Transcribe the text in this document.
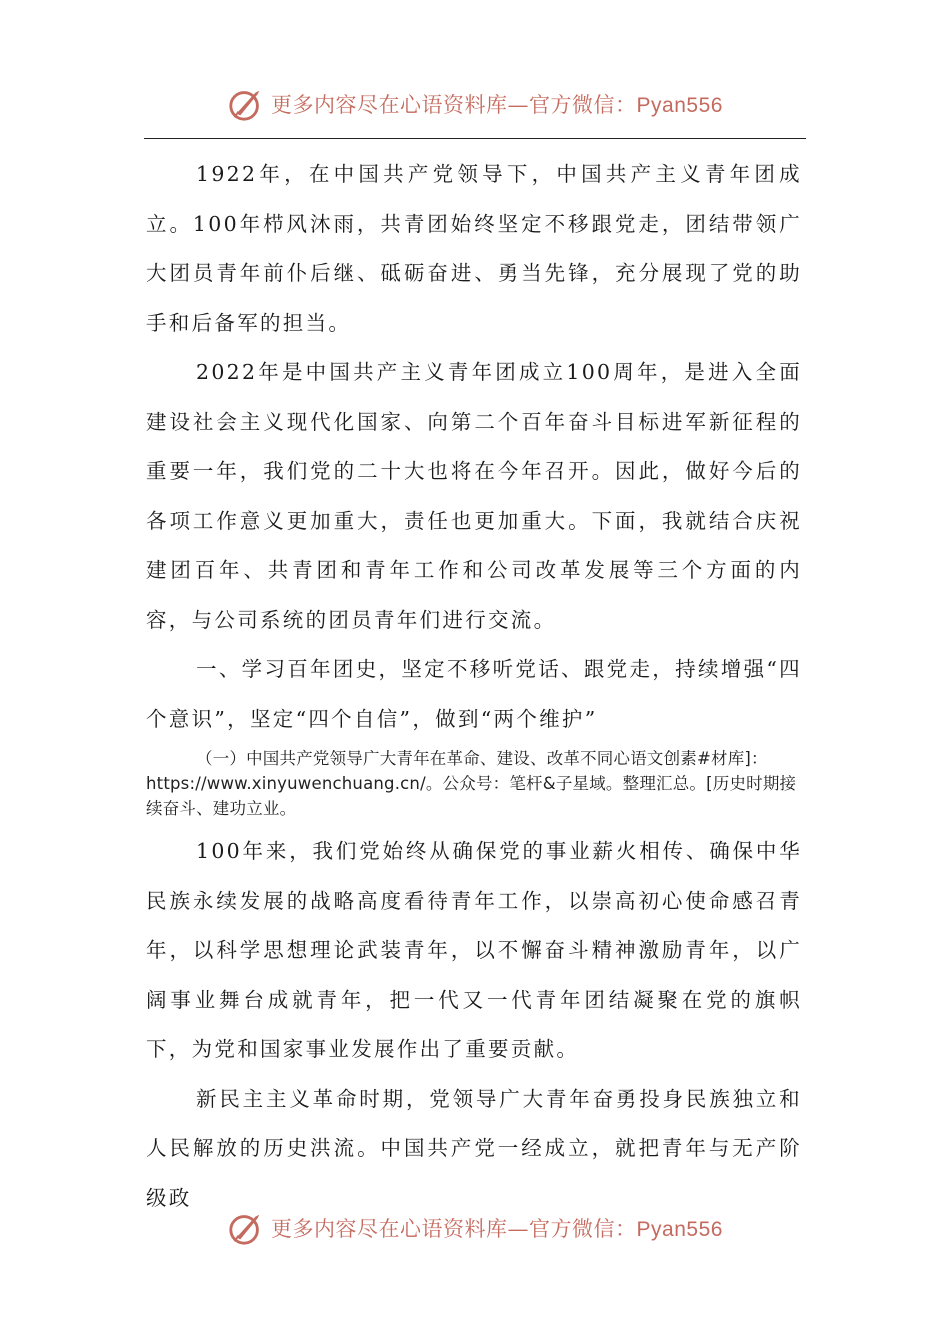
更多内容尽在心语资料库—官方微信：Pyan556

1922年，在中国共产党领导下，中国共产主义青年团成立。100年栉风沐雨，共青团始终坚定不移跟党走，团结带领广大团员青年前仆后继、砥砺奋进、勇当先锋，充分展现了党的助手和后备军的担当。

2022年是中国共产主义青年团成立100周年，是进入全面建设社会主义现代化国家、向第二个百年奋斗目标进军新征程的重要一年，我们党的二十大也将在今年召开。因此，做好今后的各项工作意义更加重大，责任也更加重大。下面，我就结合庆祝建团百年、共青团和青年工作和公司改革发展等三个方面的内容，与公司系统的团员青年们进行交流。

一、学习百年团史，坚定不移听党话、跟党走，持续增强“四个意识”，坚定“四个自信”，做到“两个维护”

（一）中国共产党领导广大青年在革命、建设、改革不同心语文创素#材库]：https://www.xinyuwenchuang.cn/。公众号：笔杆&子星域。整理汇总。[历史时期接续奋斗、建功立业。

100年来，我们党始终从确保党的事业薪火相传、确保中华民族永续发展的战略高度看待青年工作，以崇高初心使命感召青年，以科学思想理论武装青年，以不懈奋斗精神激励青年，以广阔事业舞台成就青年，把一代又一代青年团结凝聚在党的旗帜下，为党和国家事业发展作出了重要贡献。

新民主主义革命时期，党领导广大青年奋勇投身民族独立和人民解放的历史洪流。中国共产党一经成立，就把青年与无产阶级政

更多内容尽在心语资料库—官方微信：Pyan556
